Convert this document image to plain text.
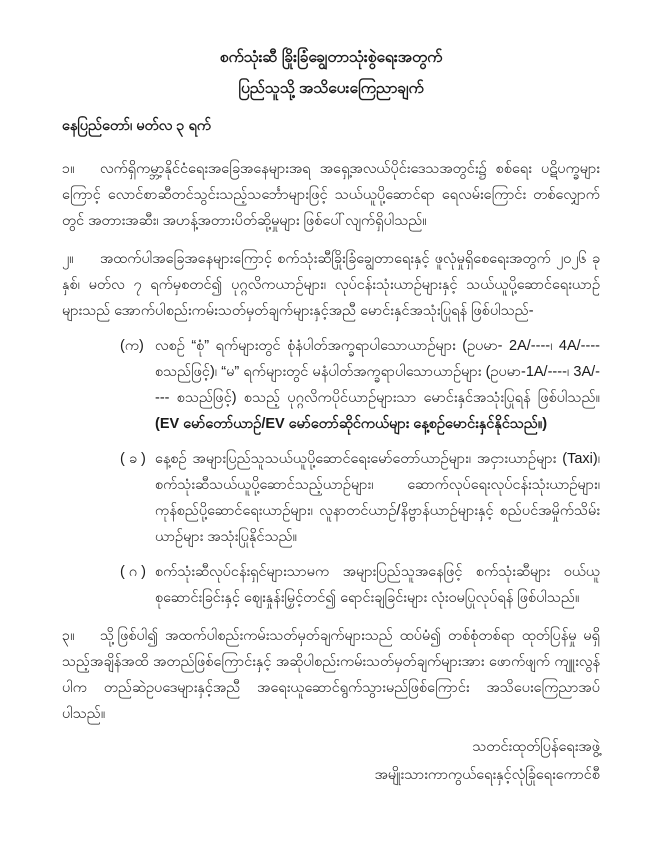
စက်သုံးဆီ ခြိုးခြံချွေတာသုံးစွဲရေးအတွက်
ပြည်သူသို့ အသိပေးကြေညာချက်
နေပြည်တော်၊ မတ်လ ၃ ရက်

၁။ လက်ရှိကမ္ဘာ့နိုင်ငံရေးအခြေအနေများအရ အရှေ့အလယ်ပိုင်းဒေသအတွင်း၌ စစ်ရေး ပဋိပက္ခများကြောင့် လောင်စာဆီတင်သွင်းသည့်သင်္ဘောများဖြင့် သယ်ယူပို့ဆောင်ရာ ရေလမ်းကြောင်း တစ်လျှောက်တွင် အတားအဆီး၊ အဟန့်အတားပိတ်ဆို့မှုများ ဖြစ်ပေါ်လျက်ရှိပါသည်။

၂။ အထက်ပါအခြေအနေများကြောင့် စက်သုံးဆီခြိုးခြံချွေတာရေးနှင့် ဖူလုံမှုရှိစေရေးအတွက် ၂၀၂၆ ခုနှစ်၊ မတ်လ ၇ ရက်မှစတင်၍ ပုဂ္ဂလိကယာဉ်များ၊ လုပ်ငန်းသုံးယာဉ်များနှင့် သယ်ယူပို့ဆောင်ရေးယာဉ်များသည် အောက်ပါစည်းကမ်းသတ်မှတ်ချက်များနှင့်အညီ မောင်းနှင်အသုံးပြုရန် ဖြစ်ပါသည်-

(က) လစဉ် “စုံ” ရက်များတွင် စုံနံပါတ်အက္ခရာပါသောယာဉ်များ (ဥပမာ- 2A/----၊ 4A/---- စသည်ဖြင့်)၊ “မ” ရက်များတွင် မနံပါတ်အက္ခရာပါသောယာဉ်များ (ဥပမာ-1A/----၊ 3A/---- စသည်ဖြင့်) စသည့် ပုဂ္ဂလိကပိုင်ယာဉ်များသာ မောင်းနှင်အသုံးပြုရန် ဖြစ်ပါသည်။ (EV မော်တော်ယာဉ်/EV မော်တော်ဆိုင်ကယ်များ နေ့စဉ်မောင်းနှင်နိုင်သည်။)
( ခ ) နေ့စဉ် အများပြည်သူသယ်ယူပို့ဆောင်ရေးမော်တော်ယာဉ်များ၊ အငှားယာဉ်များ (Taxi)၊ စက်သုံးဆီသယ်ယူပို့ဆောင်သည့်ယာဉ်များ၊ ဆောက်လုပ်ရေးလုပ်ငန်းသုံးယာဉ်များ၊ ကုန်စည်ပို့ဆောင်ရေးယာဉ်များ၊ လူနာတင်ယာဉ်/နိဗ္ဗာန်ယာဉ်များနှင့် စည်ပင်အမှိုက်သိမ်းယာဉ်များ အသုံးပြုနိုင်သည်။
( ဂ ) စက်သုံးဆီလုပ်ငန်းရှင်များသာမက အများပြည်သူအနေဖြင့် စက်သုံးဆီများ ဝယ်ယူစုဆောင်းခြင်းနှင့် ဈေးနှုန်းမြှင့်တင်၍ ရောင်းချခြင်းများ လုံးဝမပြုလုပ်ရန် ဖြစ်ပါသည်။

၃။ သို့ဖြစ်ပါ၍ အထက်ပါစည်းကမ်းသတ်မှတ်ချက်များသည် ထပ်မံ၍ တစ်စုံတစ်ရာ ထုတ်ပြန်မှု မရှိသည့်အချိန်အထိ အတည်ဖြစ်ကြောင်းနှင့် အဆိုပါစည်းကမ်းသတ်မှတ်ချက်များအား ဖောက်ဖျက် ကျူးလွန်ပါက တည်ဆဲဥပဒေများနှင့်အညီ အရေးယူဆောင်ရွက်သွားမည်ဖြစ်ကြောင်း အသိပေးကြေညာအပ်ပါသည်။

သတင်းထုတ်ပြန်ရေးအဖွဲ့
အမျိုးသားကာကွယ်ရေးနှင့်လုံခြုံရေးကောင်စီ
